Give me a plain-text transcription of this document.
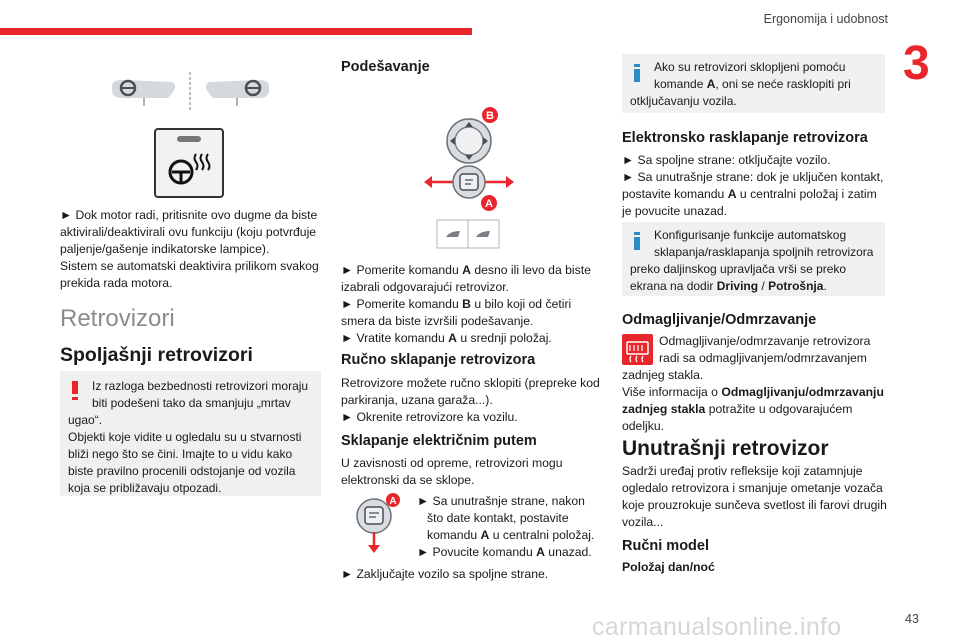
Ergonomija i udobnost
3
43
carmanualsonline.info
► Dok motor radi, pritisnite ovo dugme da biste
aktivirali/deaktivirali ovu funkciju (koju potvrđuje
paljenje/gašenje indikatorske lampice).
Sistem se automatski deaktivira prilikom svakog
prekida rada motora.
Retrovizori
Spoljašnji retrovizori
Iz razloga bezbednosti retrovizori moraju
biti podešeni tako da smanjuju „mrtav
ugao“.
Objekti koje vidite u ogledalu su u stvarnosti
bliži nego što se čini. Imajte to u vidu kako
biste pravilno procenili odstojanje od vozila
koja se približavaju otpozadi.
Podešavanje
B
A
► Pomerite komandu A desno ili levo da biste
izabrali odgovarajući retrovizor.
► Pomerite komandu B u bilo koji od četiri
smera da biste izvršili podešavanje.
► Vratite komandu A u srednji položaj.
Ručno sklapanje retrovizora
Retrovizore možete ručno sklopiti (prepreke kod
parkiranja, uzana garaža...).
► Okrenite retrovizore ka vozilu.
Sklapanje električnim putem
U zavisnosti od opreme, retrovizori mogu
elektronski da se sklope.
A ► Sa unutrašnje strane, nakon
što date kontakt, postavite
komandu A u centralni položaj.
► Povucite komandu A unazad.
► Zaključajte vozilo sa spoljne strane.
Ako su retrovizori sklopljeni pomoću
komande A, oni se neće rasklopiti pri
otključavanju vozila.
Elektronsko rasklapanje retrovizora
► Sa spoljne strane: otključajte vozilo.
► Sa unutrašnje strane: dok je uključen kontakt,
postavite komandu A u centralni položaj i zatim
je povucite unazad.
Konfigurisanje funkcije automatskog
sklapanja/rasklapanja spoljnih retrovizora
preko daljinskog upravljača vrši se preko
ekrana na dodir Driving / Potrošnja.
Odmagljivanje/Odmrzavanje
Odmagljivanje/odmrzavanje retrovizora
radi sa odmagljivanjem/odmrzavanjem
zadnjeg stakla.
Više informacija o Odmagljivanju/odmrzavanju
zadnjeg stakla potražite u odgovarajućem
odeljku.
Unutrašnji retrovizor
Sadrži uređaj protiv refleksije koji zatamnjuje
ogledalo retrovizora i smanjuje ometanje vozača
koje prouzrokuje sunčeva svetlost ili farovi drugih
vozila...
Ručni model
Položaj dan/noć
